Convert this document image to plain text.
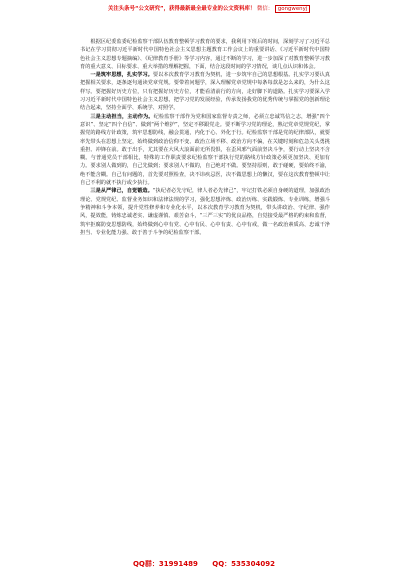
关注头条号“公文研究”，获得最新最全最专业的公文资料库！ 微信： gongwenyj

根据区纪委监委纪检监察干部队伍教育整顿学习教育的要求，我利用下班后的时间，深刻学习了习近平总书记在学习贯彻习近平新时代中国特色社会主义思想主题教育工作会议上的重要讲话、《习近平新时代中国特色社会主义思想专题摘编》、《纪律教育手册》等学习内容，通过不断的学习，进一步加深了对教育整顿学习教育的重大意义、目标要求、重大举措的理解把握，下面，结合这段时间的学习情况，谈几点认识和体会。

一是筑牢思想，扎实学习。要以本次教育学习教育为契机，进一步筑牢自己的思想根基。扎实学习要认真把握相关要求，逐条逐句通读党章党规。要带着问题学，深入理解党章党规中每条每款是怎么来的，为什么这样写。要把握好历史方位，只有把握好历史方位，才能看清前行的方向，走好脚下的道路。扎实学习要深入学习习近平新时代中国特色社会主义思想，把学习党的发展经验，传承发扬我党的优秀传统与掌握党的创新理论结合起来，坚持全面学、系统学、对照学。

三是主动担当，主动作为。纪检监察干部作为党和国家监督专责之师，必须立忠诚笃信之志，增强“四个意识”、坚定“四个自信”、做到“两个维护”，坚定不移跟党走。要不断学习党的理论，熟记党章党规党纪，掌握党的路线方针政策，筑牢思想防线，融会贯通，内化于心、外化于行。纪检监察干部是党的纪律部队，就要率先带头在思想上坚定，始终做到政治信仰不变、政治立场不移、政治方向不偏，在关键时刻和危急关头勇挑重担、冲锋在前。敢于出手，尤其要在大风大浪面前无所畏惧，在歪风邪气面前坚决斗争，要行动上坚决不含糊。与普通党员干部相比，特殊的工作职责要求纪检监察干部执行党的路线方针政策必须更加坚决、更加有力。要求别人做到的，自己先做到；要求别人不做的，自己绝对不做。要坚持原则，敢于碰硬，要始终不渝，绝不能含糊。自己有问题的，首先要对照检查，决不讳疾忌医，决不做思想上的懒汉，要在这次教育整顿中让自己不利的就不执行或少执行。

三是从严律己，自觉锻造。“执纪者必先守纪，律人者必先律己”，牢记打铁必须自身硬的道理，加强政治理论、党规党纪、监督业务知识和法律法规的学习，强化思想淬炼、政治历练、实践锻炼、专业训练，增强斗争精神和斗争本领，提升党性修养和专业化水平，以本次教育学习教育为契机，带头讲政治、守纪律、强作风，提效能，铸炼忠诚老实、谦虚谨慎、艰苦奋斗，“三严三实”的优良品格，自觉接受最严格的约束和监督，筑牢拒腐防变思想防线，始终做到心中有党、心中有民、心中有责、心中有戒，做一名政治素质高、忠诚干净担当、专业化能力强、敢于善于斗争的纪检监察干部。

QQ群：31991489 QQ：535304092
